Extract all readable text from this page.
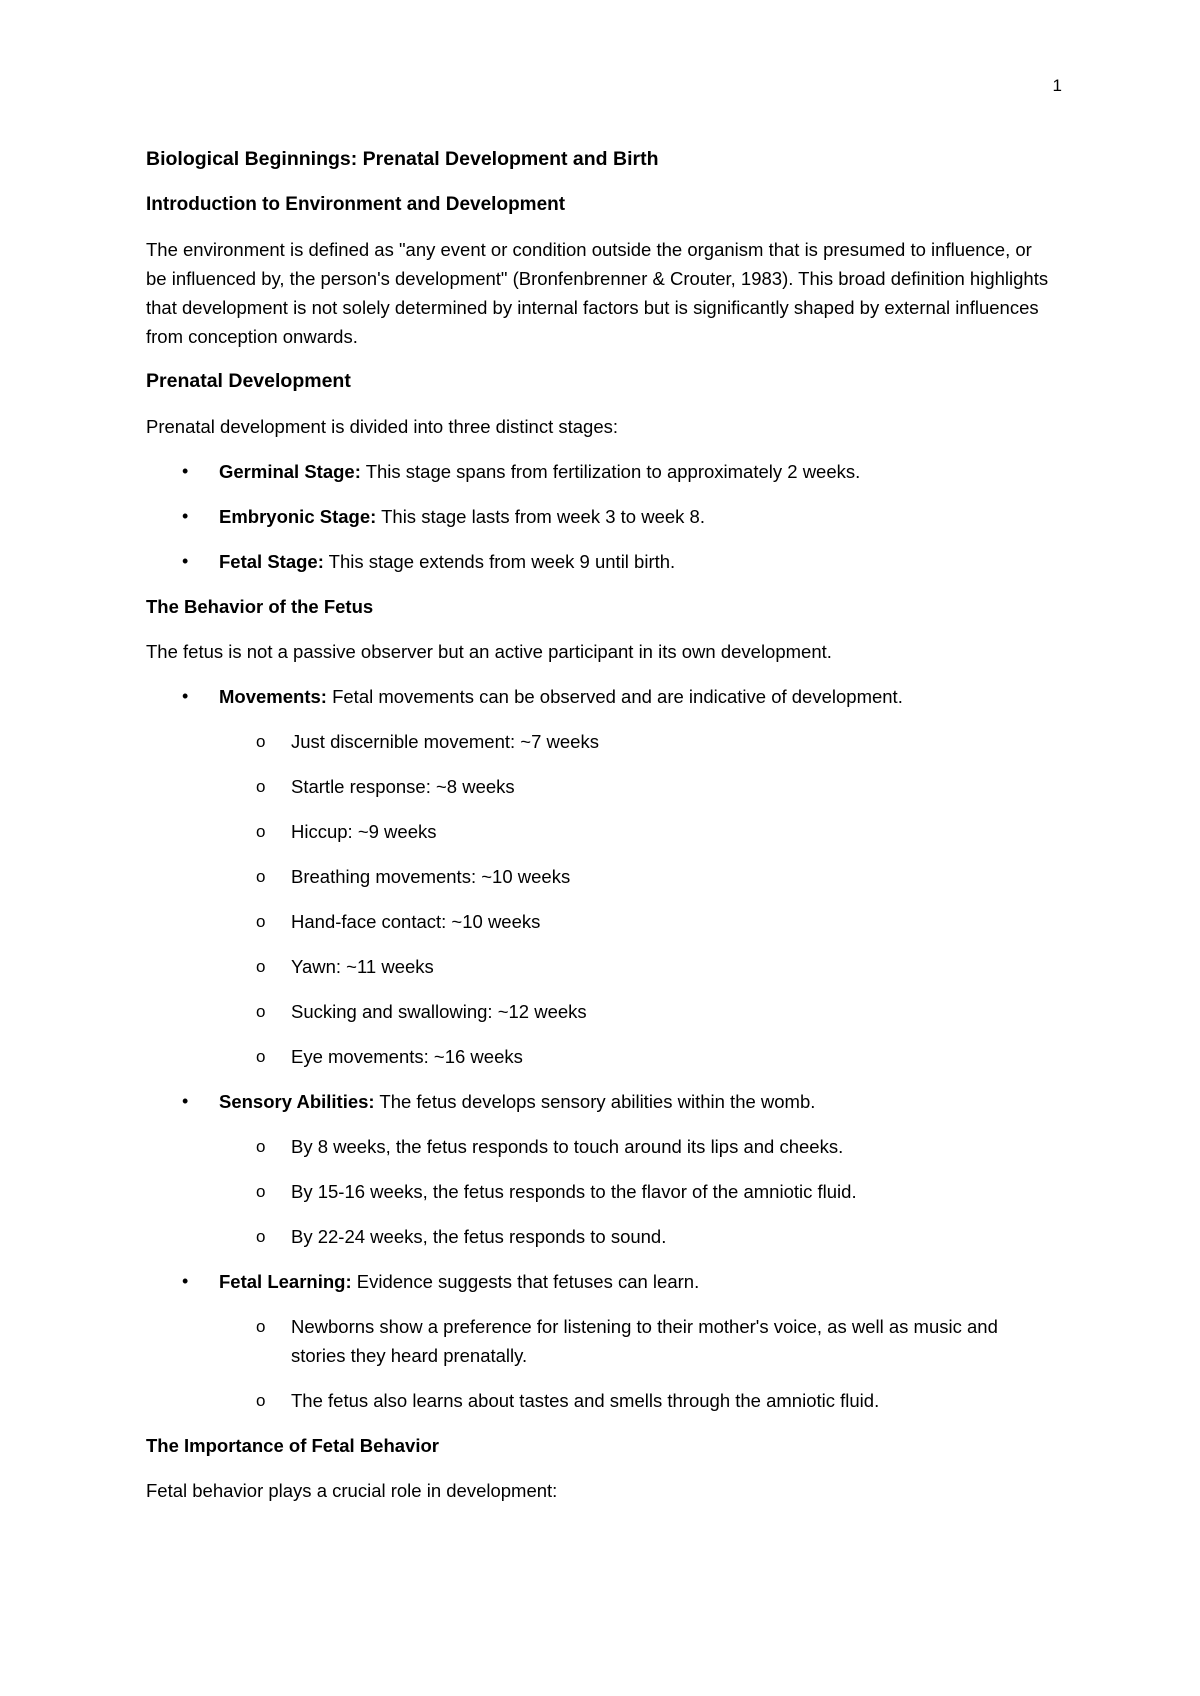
1
Biological Beginnings: Prenatal Development and Birth
Introduction to Environment and Development

The environment is defined as "any event or condition outside the organism that is presumed to influence, or be influenced by, the person's development" (Bronfenbrenner & Crouter, 1983). This broad definition highlights that development is not solely determined by internal factors but is significantly shaped by external influences from conception onwards.

Prenatal Development

Prenatal development is divided into three distinct stages:

• Germinal Stage: This stage spans from fertilization to approximately 2 weeks.
• Embryonic Stage: This stage lasts from week 3 to week 8.
• Fetal Stage: This stage extends from week 9 until birth.
The Behavior of the Fetus

The fetus is not a passive observer but an active participant in its own development.

• Movements: Fetal movements can be observed and are indicative of development.
o Just discernible movement: ~7 weeks
o Startle response: ~8 weeks
o Hiccup: ~9 weeks
o Breathing movements: ~10 weeks
o Hand-face contact: ~10 weeks
o Yawn: ~11 weeks
o Sucking and swallowing: ~12 weeks
o Eye movements: ~16 weeks
• Sensory Abilities: The fetus develops sensory abilities within the womb.
o By 8 weeks, the fetus responds to touch around its lips and cheeks.
o By 15-16 weeks, the fetus responds to the flavor of the amniotic fluid.
o By 22-24 weeks, the fetus responds to sound.
• Fetal Learning: Evidence suggests that fetuses can learn.
o Newborns show a preference for listening to their mother's voice, as well as music and stories they heard prenatally.
o The fetus also learns about tastes and smells through the amniotic fluid.
The Importance of Fetal Behavior

Fetal behavior plays a crucial role in development:
